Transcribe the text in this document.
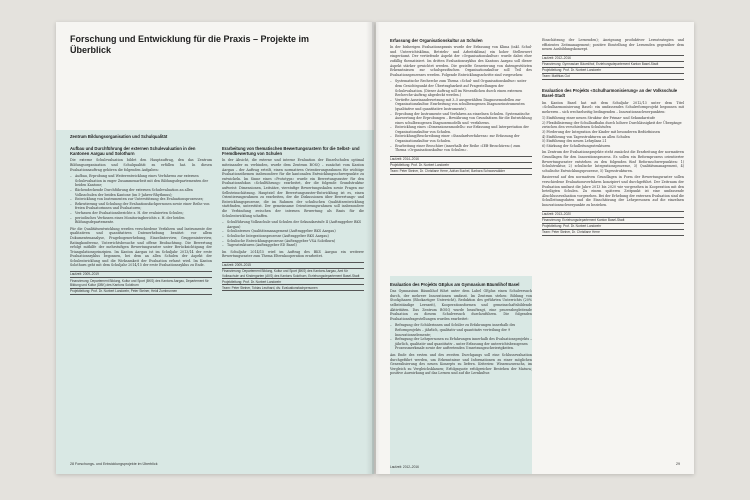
Forschung und Entwicklung für die Praxis – Projekte im Überblick
Zentrum Bildungsorganisation und Schulqualität
Aufbau und Durchführung der externen Schulevaluation in den Kantonen Aargau und Solothurn

Die externe Schulevaluation bildet den Hauptauftrag, den das Zentrum Bildungsorganisation und Schulqualität zu erfüllen hat. In diesen Evaluationsauftrag gehören die folgenden Aufgaben:

– Aufbau, Erprobung und Weiterentwicklung eines Verfahrens zur externen Schulevaluation in enger Zusammenarbeit mit den Bildungsdepartementen der beiden Kantone;
– flächendeckende Durchführung der externen Schulevaluation an allen Volksschulen der beiden Kantone (im 5-Jahres-Rhythmus);
– Entwicklung von Instrumenten zur Unterstützung des Evaluationsprozesses;
– Rekrutierung und Schulung der Evaluationsfachpersonen sowie einer Reihe von freien Evaluatorinnen und Evaluatoren;
– Verfassen der Evaluationsberichte z. H. der evaluierten Schulen;
– periodisches Verfassen eines Monitoringberichts z. H. der beiden Bildungsdepartemente.

Für die Qualitätsentwicklung werden verschiedene Verfahren und Instrumente der qualitativen und quantitativen Datenerhebung benützt: vor allem Dokumentenanalyse, Fragebogenerhebung, Einzelinterview, Gruppeninterview, Ratingkonferenz, Unterrichtsbesuche und offene Beobachtung. Die Bewertung erfolgt mithilfe der mehrstufigen Bewertungsraster unter Berücksichtigung der Triangulationsprinzipien. Im Kanton Aargau ist im Schuljahr 2013/14 der erste Evaluationszyklus begonnen, bei dem an allen Schulen der Aspekt der Schulentwicklung und die Wirksamkeit der Evaluation erfasst wird. Im Kanton Solothurn geht mit dem Schuljahr 2014/15 der erste Evaluationszyklus zu Ende.

Laufzeit: 2009–2019
Finanzierung: Departement Bildung, Kultur und Sport (BKS) des Kantons Aargau, Departement für Bildung und Kultur (DBK) des Kantons Solothurn
Projektleitung: Prof. Dr. Norbert Landwehr, Peter Steiner, Heidi Zumbrunnen
Erarbeitung von thematischen Bewertungsrastern für die Selbst- und Fremdbewertung von Schulen

In der Absicht, die externe und interne Evaluation der Einzelschulen optimal miteinander zu verbinden, wurde dem Zentrum BOSQ – zunächst vom Kanton Aargau – der Auftrag erteilt, einen normativen Orientierungsrahmen für wichtige Evaluationsthemen insbesondere für die kantonalen Entwicklungsschwerpunkte zu entwickeln. Im Sinne eines «Prototyps» wurde ein Bewertungsraster für den Evaluationsfokus «Schulführung» erarbeitet, der die folgende Grundstruktur aufweist: Dimensionen, Leitsätze, vierstufige Bewertungsskalen sowie Fragen zur Selbsteinschätzung. Hauptziel der Bewertungsraster-Entwicklung ist es, einen Orientierungsrahmen zu erarbeiten, der die Diskussionen über Bewertungs- und Entwicklungsprozesse, die im Rahmen der schulischen Qualitätsentwicklung stattfinden, unterstützt. Der gemeinsame Orientierungsrahmen soll insbesondere die Verbindung zwischen der internen Bewertung als Basis für die Schulentwicklung schaffen.

– Schulführung Volksschule und Schulen der Sekundarstufe II (Auftraggeber BKS Aargau)
– Schulinternes Qualitätsmanagement (Auftraggeber BKS Aargau)
– Schulische Integrationsprozesse (Auftraggeber BKS Aargau)
– Schulische Entwicklungsprozesse (Auftraggeber VSA Solothurn)
– Tagesstrukturen (Auftraggeber ED Basel)

Im Schuljahr 2014/15 wird im Auftrag des BKS Aargau ein weiterer Bewertungsraster zum Thema Elternkooperation erarbeitet.

Laufzeit: 2009–2015
Finanzierung: Departement Bildung, Kultur und Sport (BKS) des Kantons Aargau, Amt für Volksschule und Kindergarten (AVS) des Kantons Solothurn, Erziehungsdepartement Basel-Stadt
Projektleitung: Prof. Dr. Norbert Landwehr
Team: Peter Steiner, Tobias Leuthard, div. Evaluationsfachpersonen
28 Forschungs- und Entwicklungsprojekte im Überblick
Erfassung der Organisationskultur an Schulen

In der bisherigen Evaluationspraxis wurde der Erfassung von Klima (inkl. Schul- und Unterrichtsklima, Betriebs- und Arbeitsklima) ein hoher Stellenwert eingeräumt. Der vertiefende Aspekt der «Organisationskultur» wurde dabei eher zufällig thematisiert. Im dritten Evaluationszyklus des Kantons Aargau soll dieser Aspekt stärker gewichtet werden. Die gezielte Generierung von datengestützten Erkenntnissen zur schulspezifischen Organisationskultur soll Teil des Evaluationsprozesses werden. Folgende Entwicklungsschritte sind vorgesehen:

– Systematische Recherche zum Thema «Schul- und Organisationskultur» unter dem Gesichtspunkt der Übertragbarkeit auf Fragestellungen der Schulevaluation. (Dieser Auftrag soll im Wesentlichen durch einen externen Recherche-Auftrag abgedeckt werden.)
– Vertiefte Auseinandersetzung mit 3–5 ausgewählten Diagnosemodellen zur Organisationskultur. Erarbeitung von schulbezogenen Diagnoseinstrumenten (qualitative und quantitative Instrumente).
– Erprobung der Instrumente und Verfahren an einzelnen Schulen. Systematische Auswertung der Erprobungen – Bewährung von Grundsätzen für die Entwicklung eines schulbezogenen Diagnosemodells und -verfahrens.
– Entwicklung eines «Dimensionenmodells» zur Erfassung und Interpretation der Organisationskultur von Schulen.
– Entwicklung/Beschreibung einer «Standardverfahrens» zur Erfassung der Organisationskultur von Schulen.
– Erarbeitung einer Broschüre (innerhalb der Reihe «IEB-Broschüren») zum Thema «Organisationskultur von Schulen».
Laufzeit: 2014–2016
Projektleitung: Prof. Dr. Norbert Landwehr
Team: Peter Steiner, Dr. Christiane Herre, Adrian Buchel, Barbara Schwarzwälder
Evaluation des Projekts GEplus am Gymnasium Bäumlihof Basel

Das Gymnasium Bäumlihof führt unter dem Label GEplus einen Schulversuch durch, der mehrere Innovationen umfasst. Im Zentrum stehen: Bildung von Stockphasen (Blockartiger Unterricht), Reduktion des geführten Unterrichts (20% selbstständige Lernzeit), Kooperationsformen und gemeinschaftsbildende Aktivitäten. Das Zentrum BOSQ wurde beauftragt, eine prozessbegleitende Evaluation zu diesem Schulversuch durchzuführen. Die folgenden Evaluationsfragestellungen wurden erarbeitet:

– Befragung der Schülerinnen und Schüler zu Erfahrungen innerhalb des Reformprojekts – jährlich, qualitativ und quantitativ verteilung der 9 Innovationselemente;
– Befragung der Lehrpersonen zu Erfahrungen innerhalb des Evaluationsprojekts – jährlich, qualitativ und quantitativ – unter Erfassung der unterrichtsbezogenen Prozessmerkmale sowie der auftretenden Umsetzungsschwierigkeiten.

Am Ende des ersten und des zweiten Durchgangs soll eine Schlussevaluation durchgeführt werden, um Erkenntnisse und Informationen zu einer möglichen Generalisierung des neuen Konzepts zu liefern. Kriterien: Wissenszuwachs, im Vergleich zu Vergleichsklassen; Erfolgsquote erfolgreicher Bestehen der Matura; positive Auswirkung auf das Lernen und auf die Lernkultur.

Einschätzung der Lernenden); Aneignung produktiver Lernstrategien und effizientes Zeitmanagement; positive Einstellung der Lernenden gegenüber dem neuen Ausbildungskonzept.

Laufzeit: 2012–2016
Finanzierung: Gymnasium Bäumlihof, Erziehungsdepartement Kanton Basel-Stadt
Projektleitung: Prof. Dr. Norbert Landwehr
Team: Matthias Gut
Evaluation des Projekts «Schulharmonisierung» an der Volksschule Basel-Stadt

Im Kanton Basel hat mit dem Schuljahr 2012/13 unter dem Titel «Schulharmonisierung Basel» ein umfassendes Schulreformprojekt begonnen mit mehreren – sich wechselseitig bedingenden – Innovationsschwerpunkten:

1) Einführung einer neuen Struktur der Primar- und Sekundarstufe
2) Flexibilisierung der Schullaufbahn durch höhere Durchlässigkeit der Übergänge zwischen den verschiedenen Schulstufen
3) Förderung der Integration der Kinder mit besonderen Bedürfnissen
4) Einführung von Tagesstrukturen an allen Schulen
5) Einführung des neuen Lehrplans 21
6) Stärkung der Schulleitungsstrukturen

Im Zentrum der Evaluationsprojekte steht zunächst die Erarbeitung der normativen Grundlagen für den Innovationsprozess. Es sollen ein Reformprozess orientierter Bewertungsraster entstehen zu den folgenden fünf Reformschwerpunkten: 1) Schulstruktur, 2) schulische Integrationsprozesse, 3) Qualitätsmanagement, 4) schulische Entwicklungsprozesse, 5) Tagesstrukturen.

Basierend auf den normativen Grundlagen in Form der Bewertungsraster sollen verschiedene Evaluationsverfahren konzipiert und durchgeführt. Der Zeitraum der Evaluation umfasst die Jahre 2013 bis 2020 wie vorgesehen in Kooperation mit den beteiligten Schulen. Zu einem späteren Zeitpunkt ist eine umfassende Abschlussevaluation vorgesehen. Bei der Erhebung der externen Evaluation sind die Schulleitungsdaten und die Einschätzung der Lehrpersonen auf die einzelnen Innovationsschwerpunkte zu beziehen.

Laufzeit: 2013–2020
Finanzierung: Erziehungsdepartement Kanton Basel-Stadt
Projektleitung: Prof. Dr. Norbert Landwehr
Team: Peter Steiner, Dr. Christiane Herre
Laufzeit: 2012–2016
29
